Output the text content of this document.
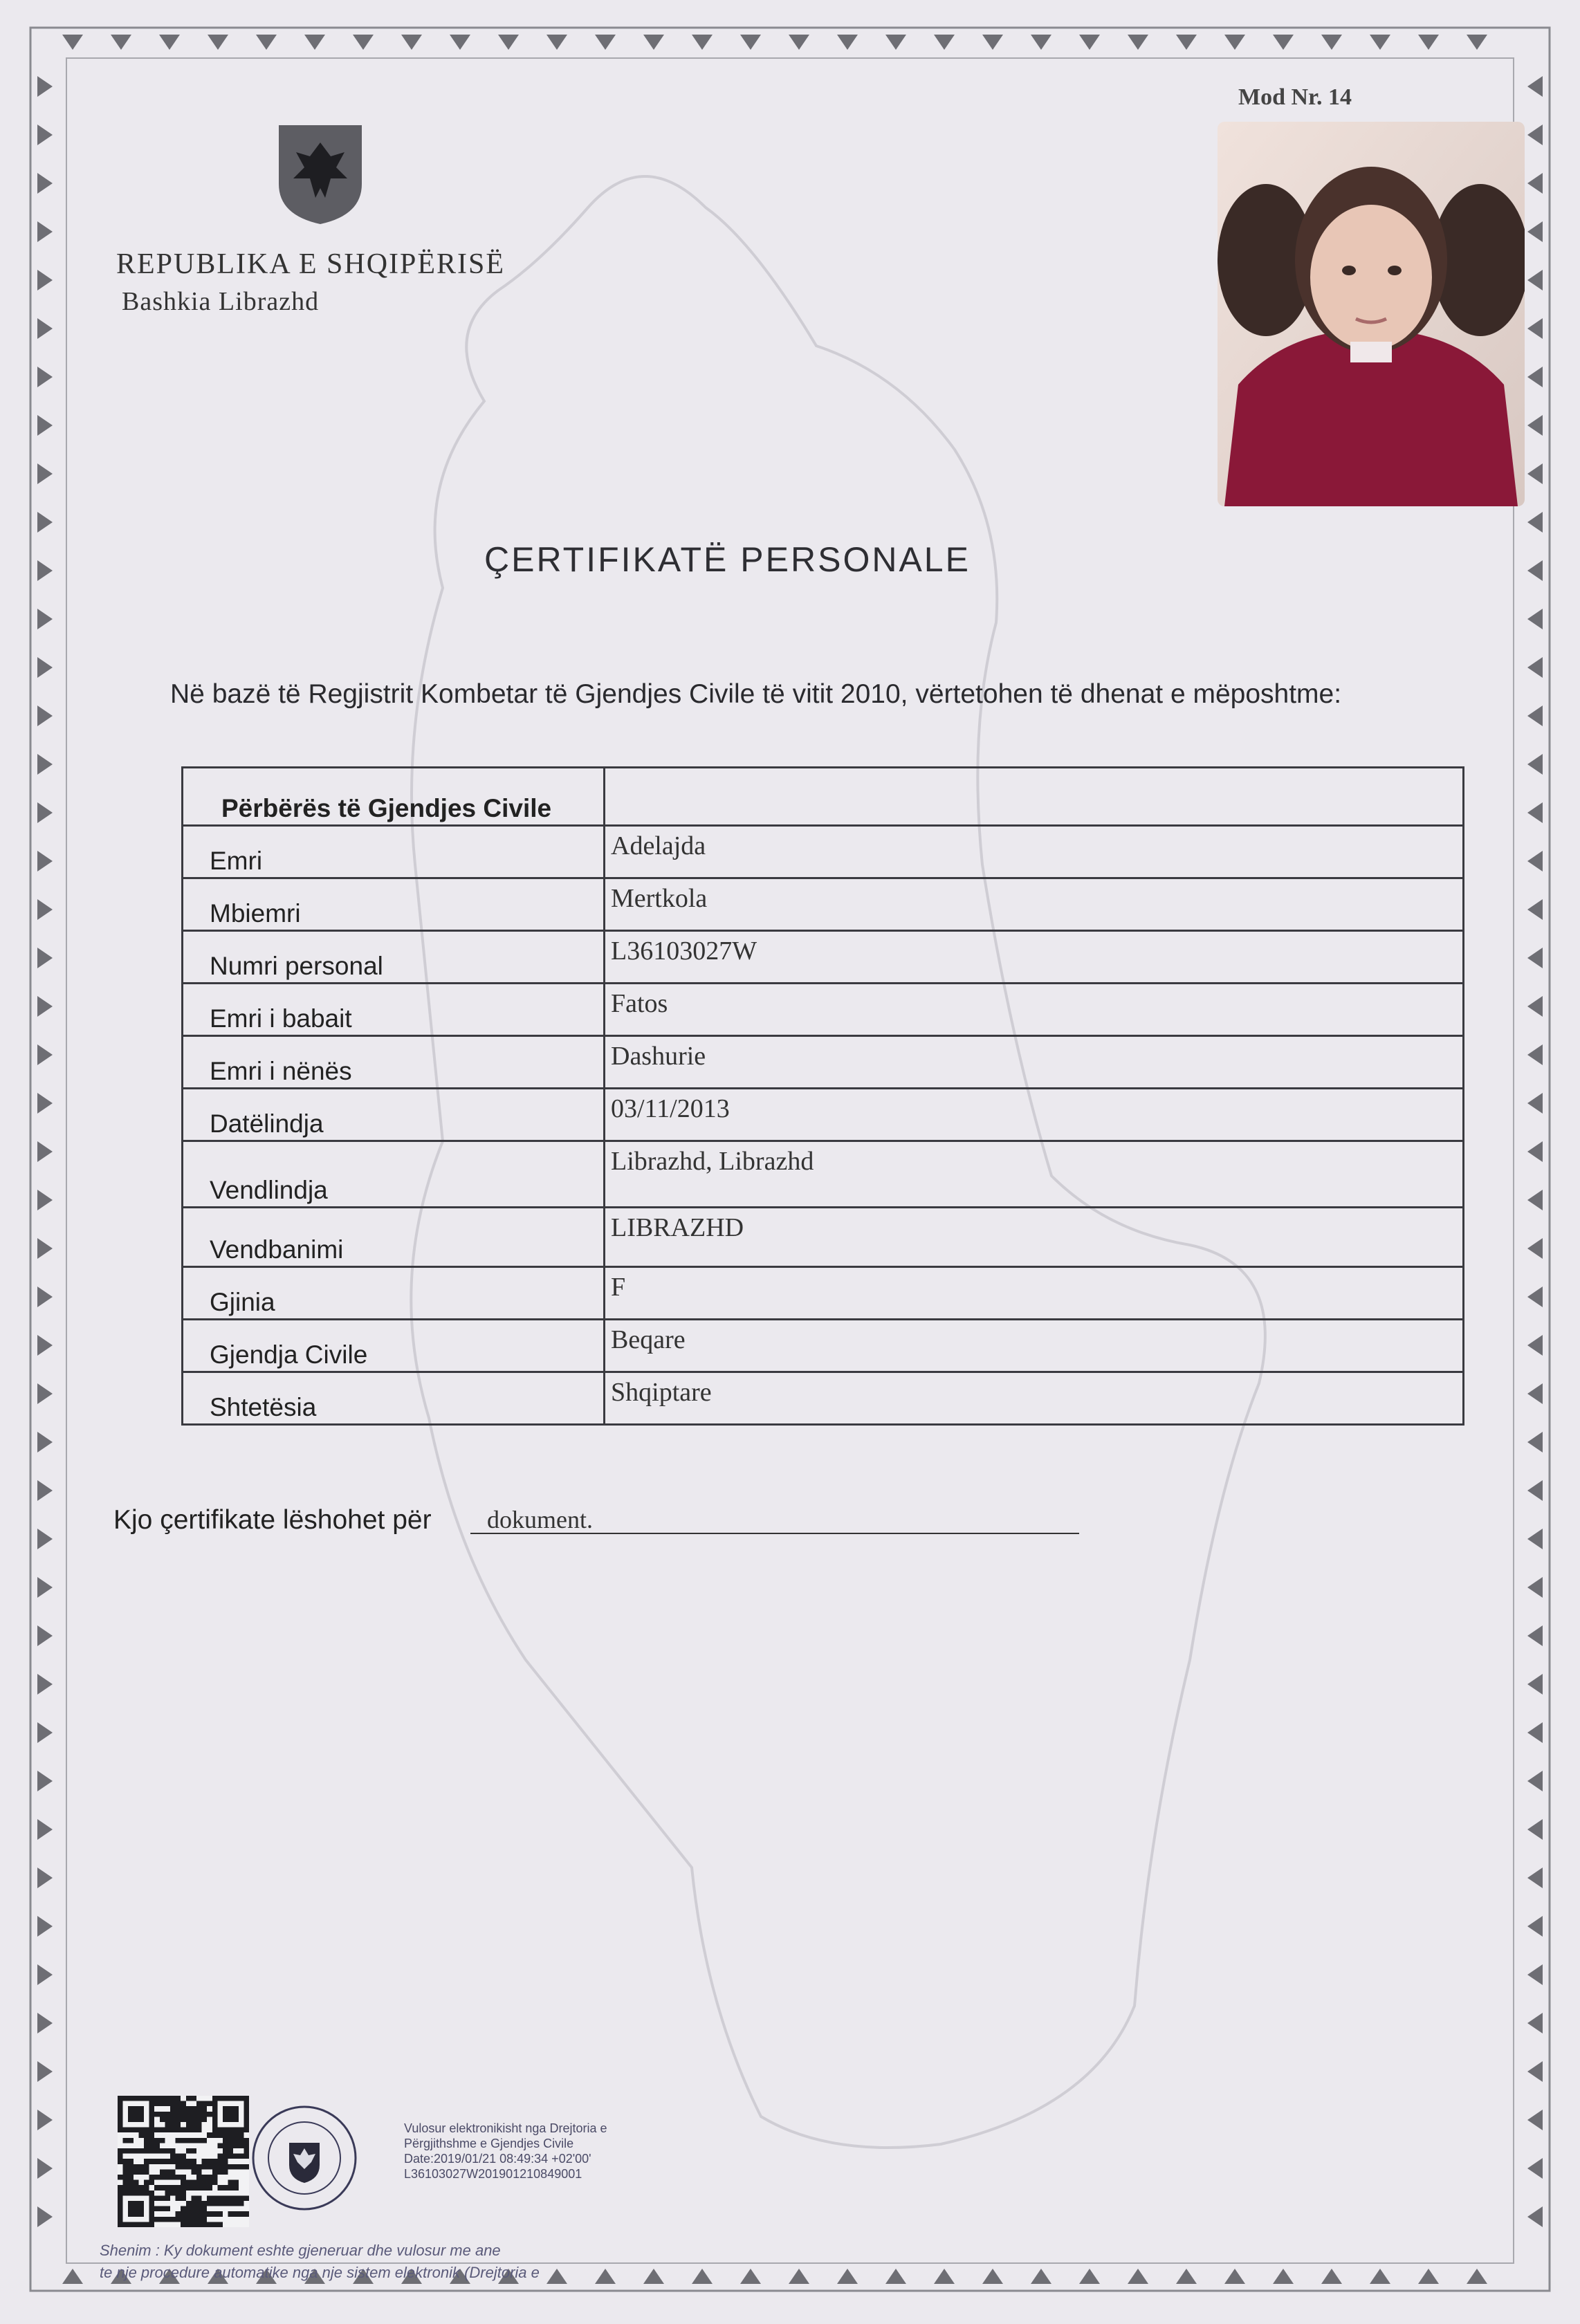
REPUBLIKA E SHQIPËRISË
Bashkia Librazhd
Mod Nr. 14
ÇERTIFIKATË PERSONALE
Në bazë të Regjistrit Kombetar të Gjendjes Civile të vitit 2010, vërtetohen të dhenat e mëposhtme:
Përbërës të Gjendjes Civile	
Emri	Adelajda
Mbiemri	Mertkola
Numri personal	L36103027W
Emri i babait	Fatos
Emri i nënës	Dashurie
Datëlindja	03/11/2013
Vendlindja	Librazhd, Librazhd
Vendbanimi	LIBRAZHD
Gjinia	F
Gjendja Civile	Beqare
Shtetësia	Shqiptare
Kjo çertifikate lëshohet për dokument.
Vulosur elektronikisht nga Drejtoria e
Përgjithshme e Gjendjes Civile
Date:2019/01/21 08:49:34 +02'00'
L36103027W201901210849001
Shenim : Ky dokument eshte gjeneruar dhe vulosur me ane
te nje procedure automatike nga nje sistem elektronik (Drejtoria e
